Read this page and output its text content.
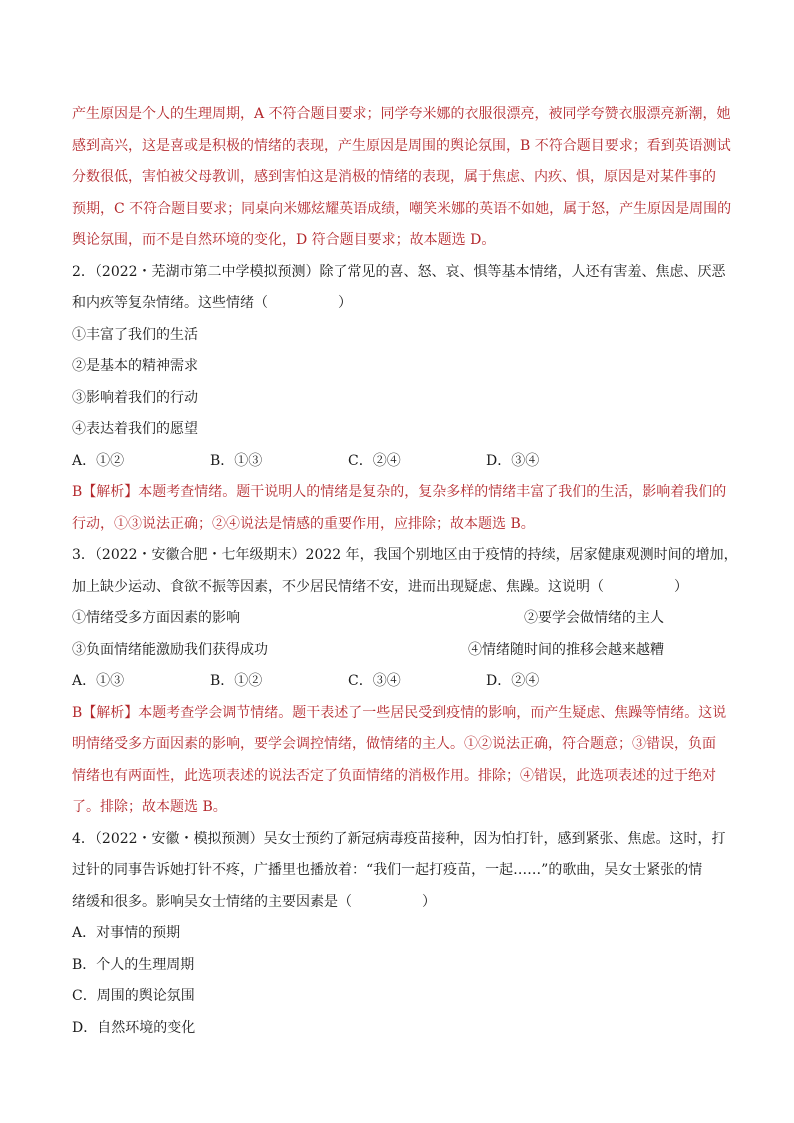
产生原因是个人的生理周期，A 不符合题目要求；同学夸米娜的衣服很漂亮，被同学夸赞衣服漂亮新潮，她
感到高兴，这是喜或是积极的情绪的表现，产生原因是周围的舆论氛围，B 不符合题目要求；看到英语测试
分数很低，害怕被父母教训，感到害怕这是消极的情绪的表现，属于焦虑、内疚、惧，原因是对某件事的
预期，C 不符合题目要求；同桌向米娜炫耀英语成绩，嘲笑米娜的英语不如她，属于怒，产生原因是周围的
舆论氛围，而不是自然环境的变化，D 符合题目要求；故本题选 D。
2．（2022・芜湖市第二中学模拟预测）除了常见的喜、怒、哀、惧等基本情绪，人还有害羞、焦虑、厌恶
和内疚等复杂情绪。这些情绪（　　　　　）
①丰富了我们的生活
②是基本的精神需求
③影响着我们的行动
④表达着我们的愿望
A．①②	B．①③	C．②④	D．③④
B【解析】本题考查情绪。题干说明人的情绪是复杂的，复杂多样的情绪丰富了我们的生活，影响着我们的
行动，①③说法正确；②④说法是情感的重要作用，应排除；故本题选 B。
3．（2022・安徽合肥・七年级期末）2022 年，我国个别地区由于疫情的持续，居家健康观测时间的增加，
加上缺少运动、食欲不振等因素，不少居民情绪不安，进而出现疑虑、焦躁。这说明（　　　　　）
①情绪受多方面因素的影响	②要学会做情绪的主人
③负面情绪能激励我们获得成功	④情绪随时间的推移会越来越糟
A．①③	B．①②	C．③④	D．②④
B【解析】本题考查学会调节情绪。题干表述了一些居民受到疫情的影响，而产生疑虑、焦躁等情绪。这说
明情绪受多方面因素的影响，要学会调控情绪，做情绪的主人。①②说法正确，符合题意；③错误，负面
情绪也有两面性，此选项表述的说法否定了负面情绪的消极作用。排除；④错误，此选项表述的过于绝对
了。排除；故本题选 B。
4．（2022・安徽・模拟预测）吴女士预约了新冠病毒疫苗接种，因为怕打针，感到紧张、焦虑。这时，打
过针的同事告诉她打针不疼，广播里也播放着：“我们一起打疫苗，一起……”的歌曲，吴女士紧张的情
绪缓和很多。影响吴女士情绪的主要因素是（　　　　　）
A．对事情的预期
B．个人的生理周期
C．周围的舆论氛围
D．自然环境的变化
